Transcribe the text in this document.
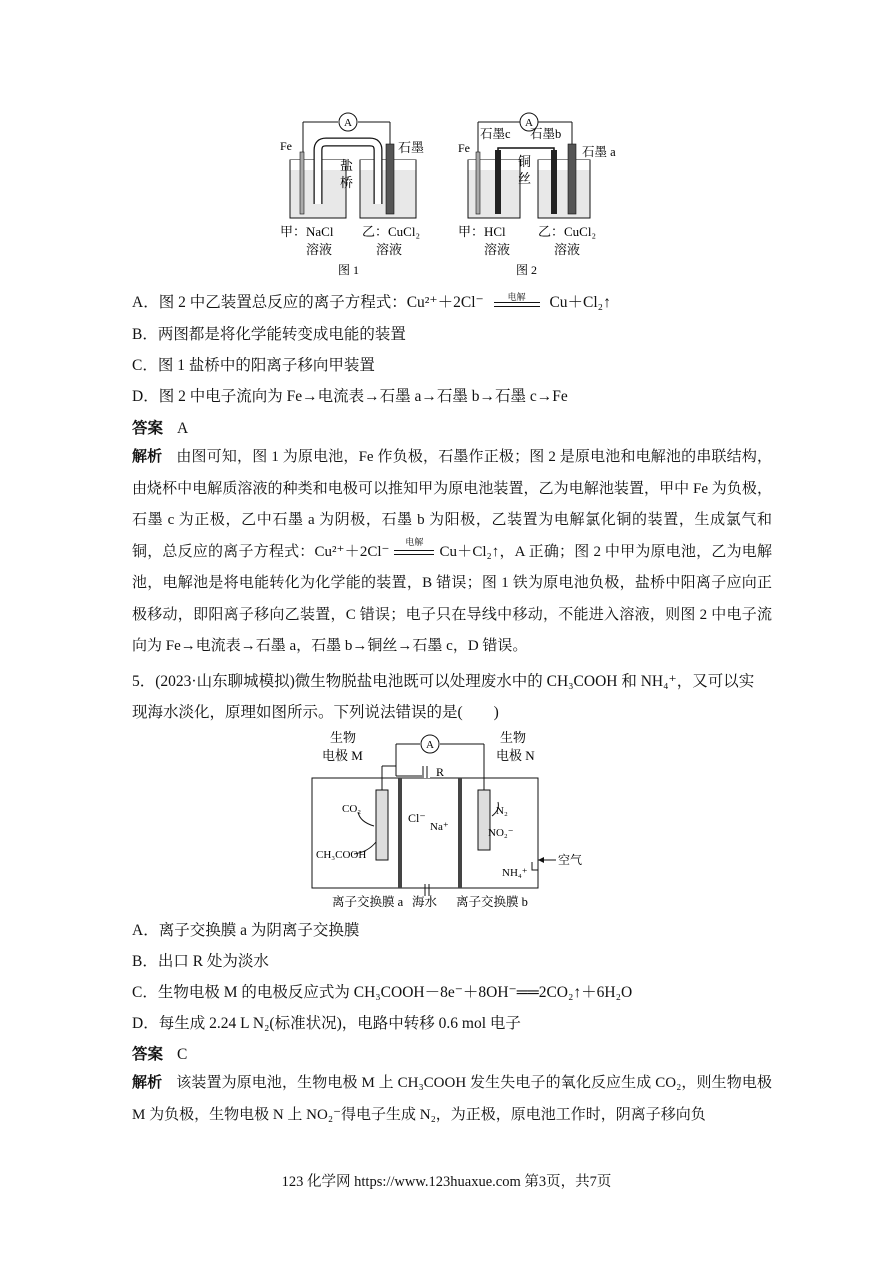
A
Fe	石墨
盐
桥
甲：NaCl 乙：CuCl₂
溶液	溶液
图 1
A
Fe
石墨c 石墨b
石墨 a
铜
丝
甲：HCl 乙：CuCl₂
溶液	溶液
图 2
A．图 2 中乙装置总反应的离子方程式：Cu²⁺＋2Cl⁻	电解	Cu＋Cl₂↑
B．两图都是将化学能转变成电能的装置
C．图 1 盐桥中的阳离子移向甲装置
D．图 2 中电子流向为 Fe→电流表→石墨 a→石墨 b→石墨 c→Fe
答案 A
解析 由图可知，图 1 为原电池，Fe 作负极，石墨作正极；图 2 是原电池和电解池的串联结构，由烧杯中电解质溶液的种类和电极可以推知甲为原电池装置，乙为电解池装置，甲中 Fe 为负极，石墨 c 为正极，乙中石墨 a 为阴极，石墨 b 为阳极，乙装置为电解氯化铜的装置，生成氯气和铜，总反应的离子方程式：Cu²⁺＋2Cl⁻
电解
Cu＋Cl₂↑，A 正确；图 2 中甲为原电池，乙为电解池，电解池是将电能转化为化学能的装置，B 错误；图 1 铁为原电池负极，盐桥中阳离子应向正极移动，即阳离子移向乙装置，C 错误；电子只在导线中移动，不能进入溶液，则图 2 中电子流向为 Fe→电流表→石墨 a，石墨 b→铜丝→石墨 c，D 错误。
5．(2023·山东聊城模拟)微生物脱盐电池既可以处理废水中的 CH₃COOH 和 NH₄⁺，又可以实
现海水淡化，原理如图所示。下列说法错误的是(　　)
A
R
生物
电极 M
生物
电极 N
CO₂
CH₃COOH
Cl⁻
Na⁺
N₂
NO₂⁻
NH₄⁺
空气
离子交换膜 a 海水 离子交换膜 b
A．离子交换膜 a 为阴离子交换膜
B．出口 R 处为淡水
C．生物电极 M 的电极反应式为 CH₃COOH－8e⁻＋8OH⁻══2CO₂↑＋6H₂O
D．每生成 2.24 L N₂(标准状况)，电路中转移 0.6 mol 电子
答案 C
解析 该装置为原电池，生物电极 M 上 CH₃COOH 发生失电子的氧化反应生成 CO₂，则生物电极 M 为负极，生物电极 N 上 NO₂⁻得电子生成 N₂，为正极，原电池工作时，阴离子移向负
123 化学网 https://www.123huaxue.com 第3页，共7页
